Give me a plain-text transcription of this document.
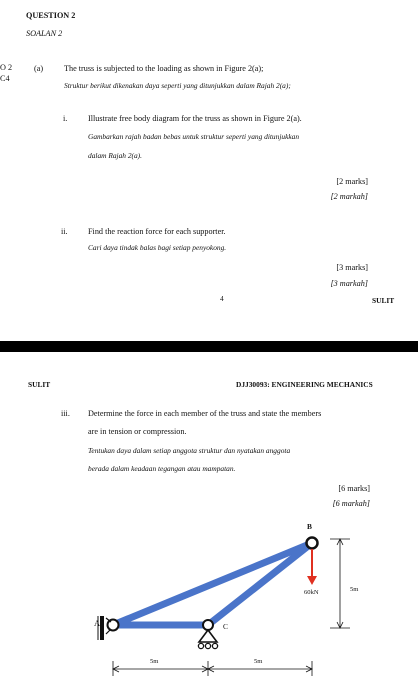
QUESTION 2
SOALAN 2
O 2
C4
(a)	The truss is subjected to the loading as shown in Figure 2(a);
Struktur berikut dikenakan daya seperti yang ditunjukkan dalam Rajah 2(a);
i.	Illustrate free body diagram for the truss as shown in Figure 2(a).
Gambarkan rajah badan bebas untuk struktur seperti yang ditunjukkan
dalam Rajah 2(a).
[2 marks]
[2 markah]
ii. Find the reaction force for each supporter.
Cari daya tindak balas bagi setiap penyokong.
[3 marks]
[3 markah]
4	SULIT
SULIT	DJJ30093: ENGINEERING MECHANICS
iii. Determine the force in each member of the truss and state the members
are in tension or compression.
Tentukan daya dalam setiap anggota struktur dan nyatakan anggota
berada dalam keadaan tegangan atau mampatan.
[6 marks]
[6 markah]
B
A	C
60kN	5m
5m	5m
